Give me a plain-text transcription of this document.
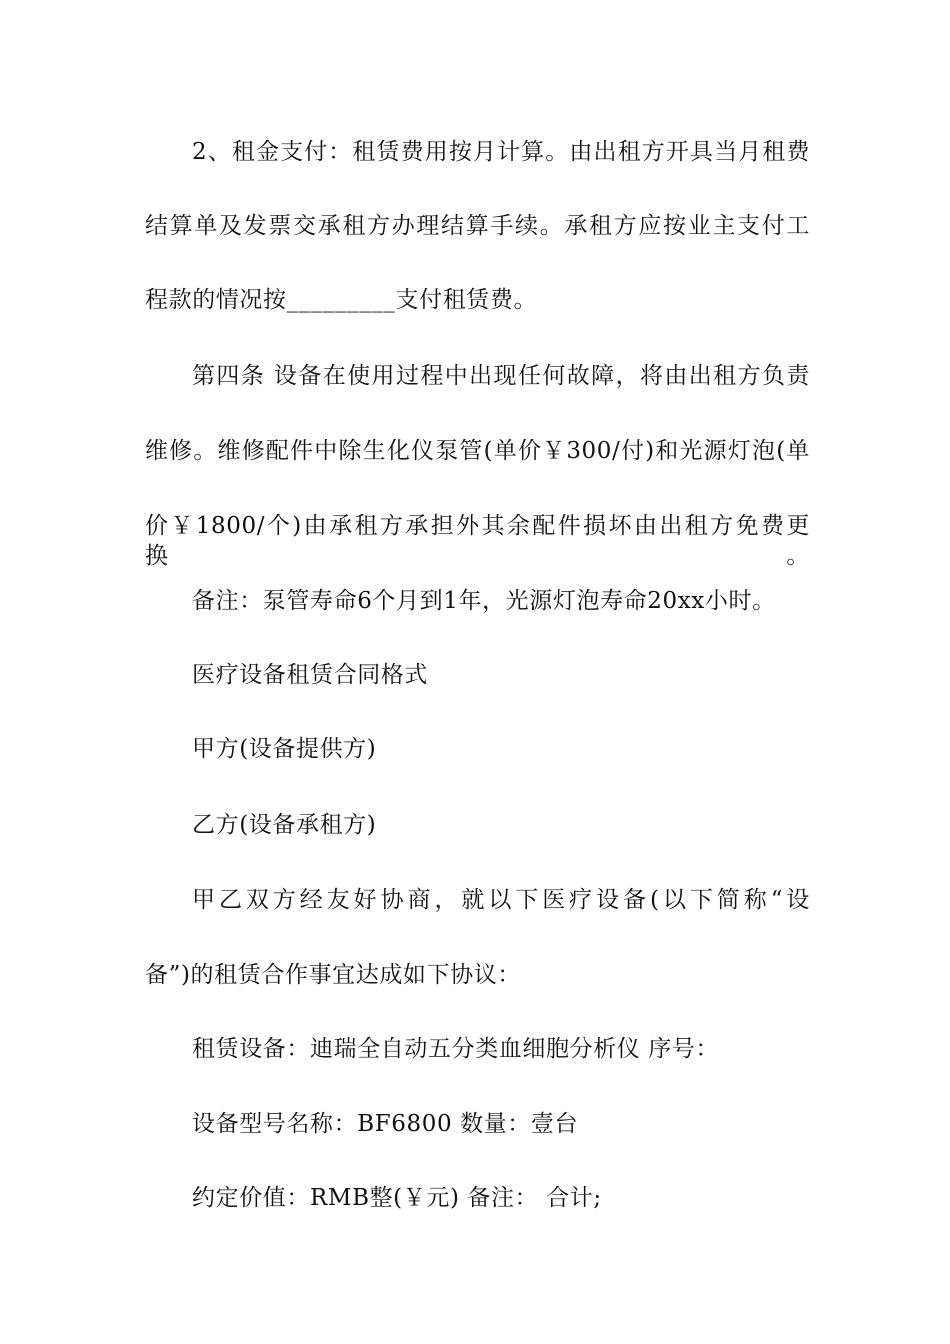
2、租金支付：租赁费用按月计算。由出租方开具当月租费
结算单及发票交承租方办理结算手续。承租方应按业主支付工
程款的情况按_________支付租赁费。
第四条 设备在使用过程中出现任何故障，将由出租方负责
维修。维修配件中除生化仪泵管(单价￥300/付)和光源灯泡(单
价￥1800/个)由承租方承担外其余配件损坏由出租方免费更换。
备注：泵管寿命6个月到1年，光源灯泡寿命20xx小时。
医疗设备租赁合同格式
甲方(设备提供方)
乙方(设备承租方)
甲乙双方经友好协商，就以下医疗设备(以下简称“设
备”)的租赁合作事宜达成如下协议：
租赁设备：迪瑞全自动五分类血细胞分析仪 序号：
设备型号名称：BF6800 数量：壹台
约定价值：RMB整(￥元) 备注： 合计;
